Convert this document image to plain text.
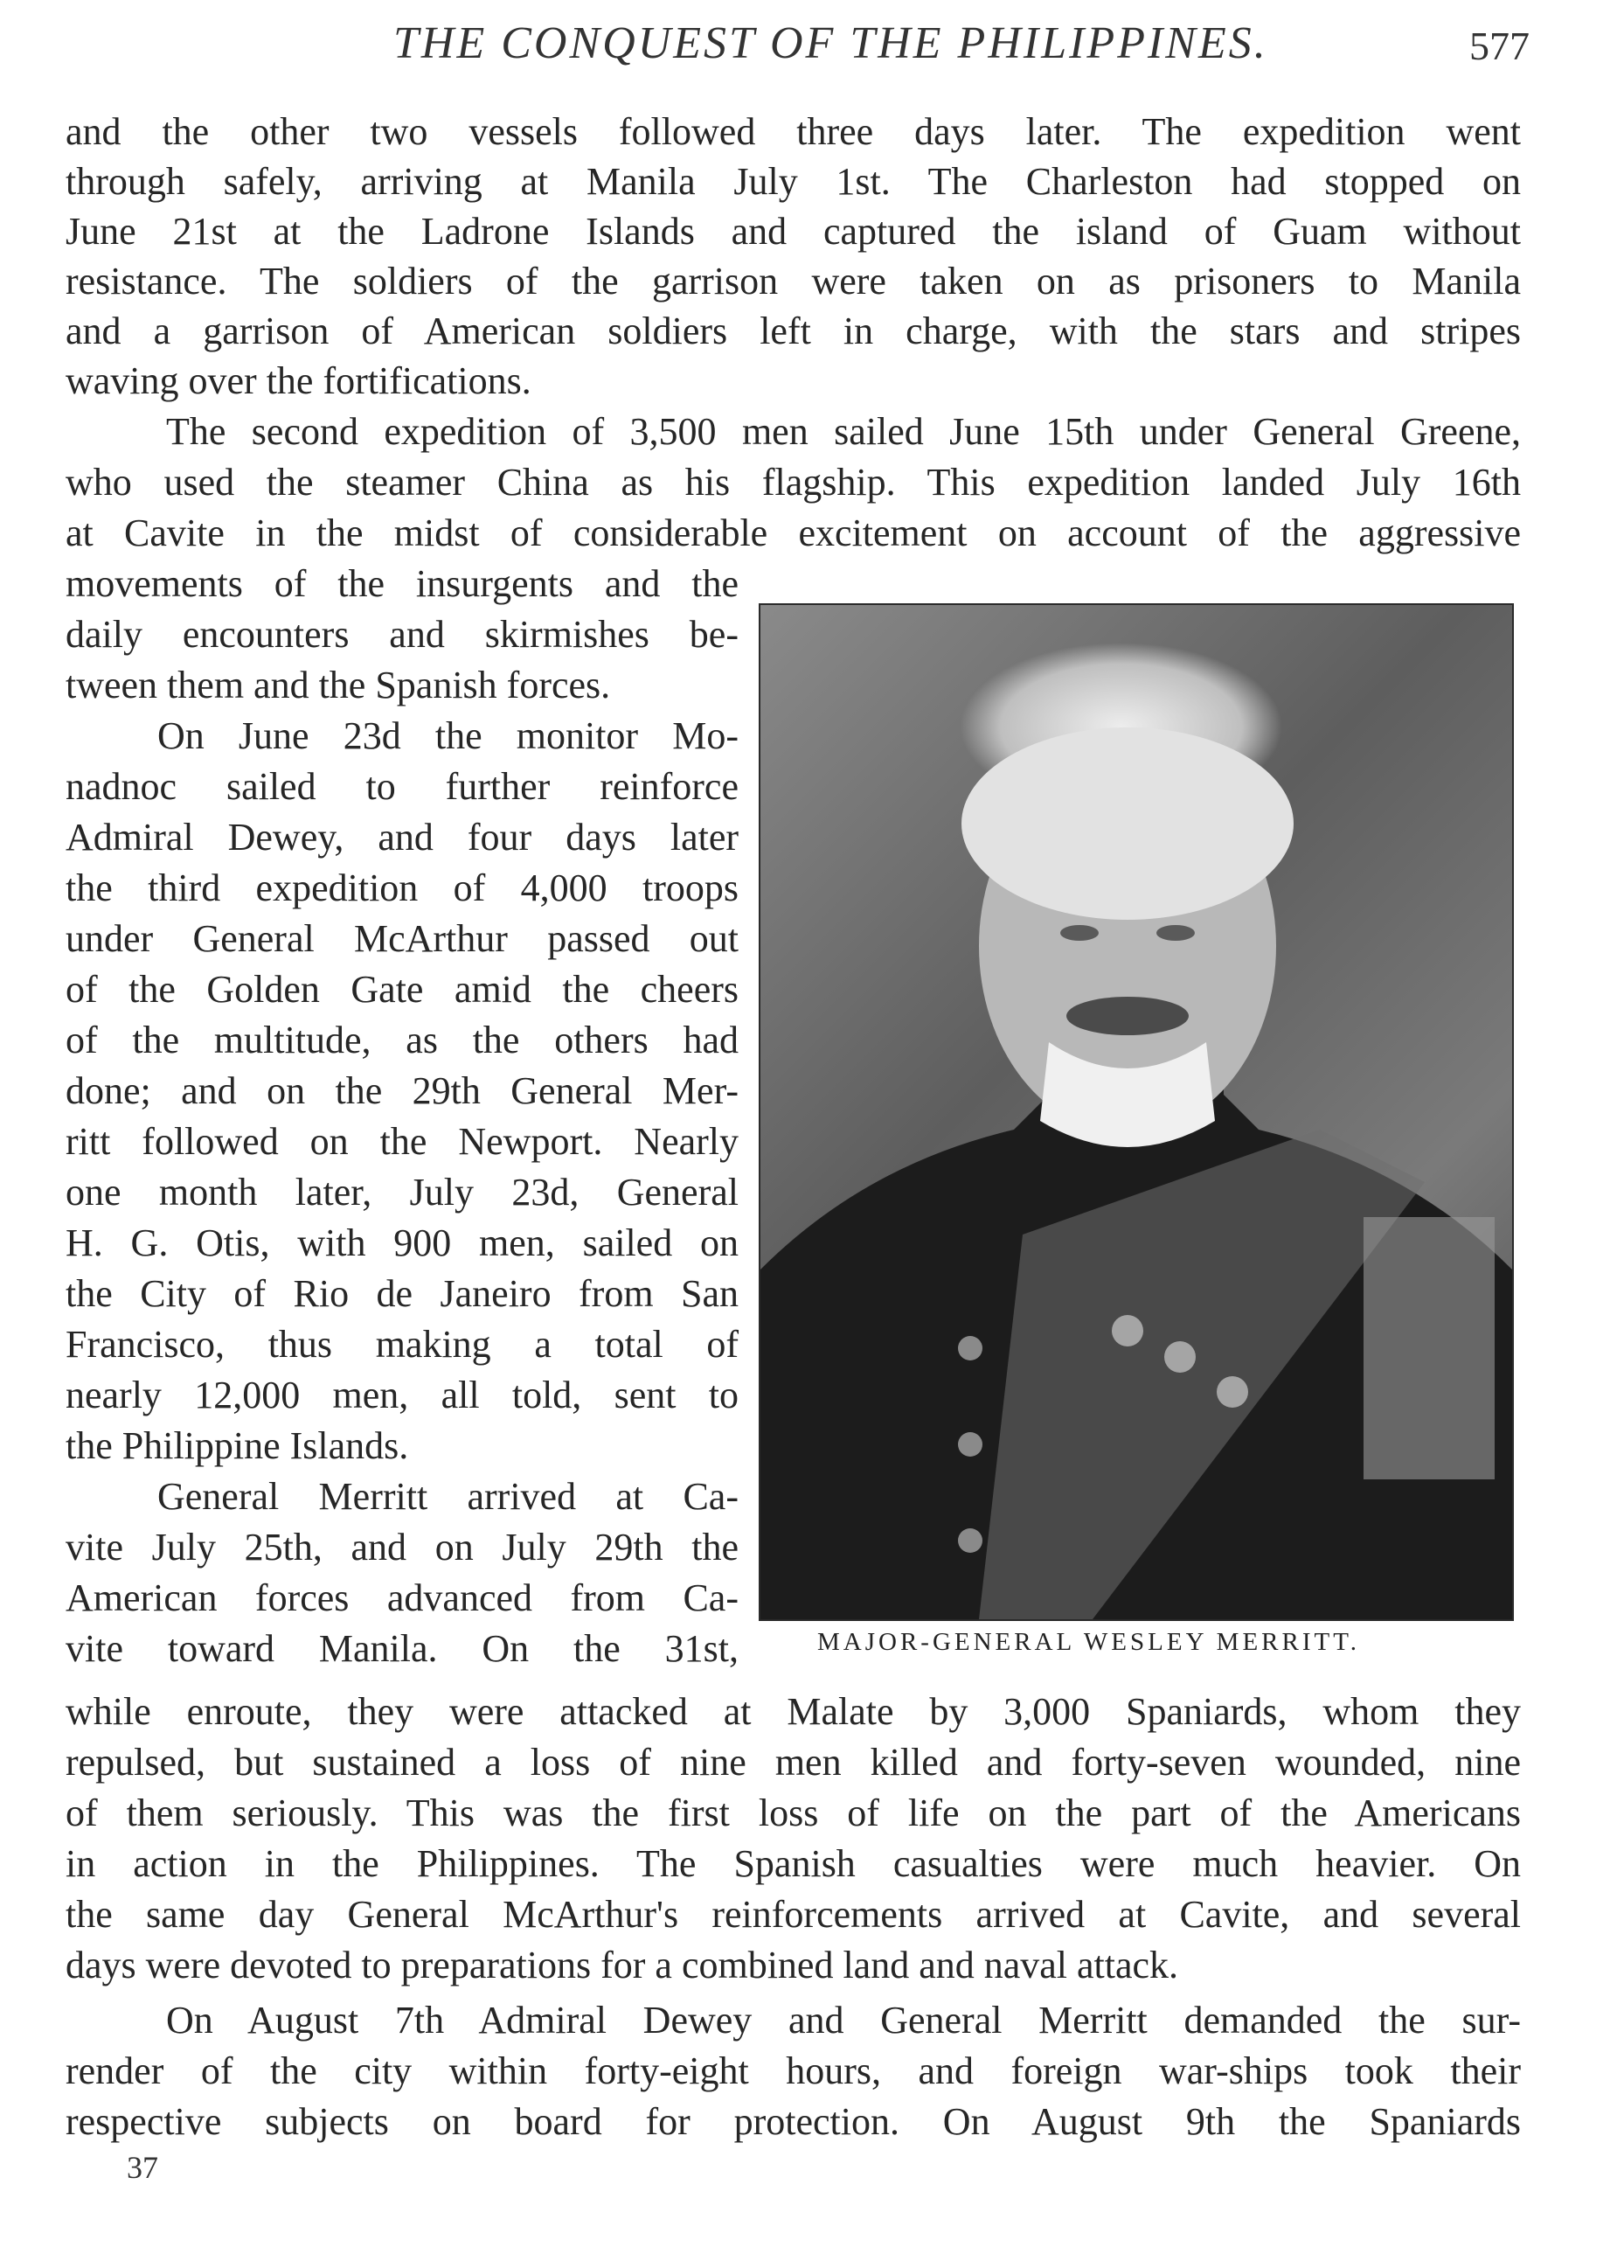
THE CONQUEST OF THE PHILIPPINES.	577
and the other two vessels followed three days later. The expedition went
through safely, arriving at Manila July 1st. The Charleston had stopped on
June 21st at the Ladrone Islands and captured the island of Guam without
resistance. The soldiers of the garrison were taken on as prisoners to Manila
and a garrison of American soldiers left in charge, with the stars and stripes
waving over the fortifications.
The second expedition of 3,500 men sailed June 15th under General Greene,
who used the steamer China as his flagship. This expedition landed July 16th
at Cavite in the midst of considerable excitement on account of the aggressive
movements of the insurgents and the
daily encounters and skirmishes be-
tween them and the Spanish forces.
On June 23d the monitor Mo-
nadnoc sailed to further reinforce
Admiral Dewey, and four days later
the third expedition of 4,000 troops
under General McArthur passed out
of the Golden Gate amid the cheers
of the multitude, as the others had
done; and on the 29th General Mer-
ritt followed on the Newport. Nearly
one month later, July 23d, General
H. G. Otis, with 900 men, sailed on
the City of Rio de Janeiro from San
Francisco, thus making a total of
nearly 12,000 men, all told, sent to
the Philippine Islands.
General Merritt arrived at Ca-
vite July 25th, and on July 29th the
American forces advanced from Ca-
vite toward Manila. On the 31st,
while enroute, they were attacked at Malate by 3,000 Spaniards, whom they
repulsed, but sustained a loss of nine men killed and forty-seven wounded, nine
of them seriously. This was the first loss of life on the part of the Americans
in action in the Philippines. The Spanish casualties were much heavier. On
the same day General McArthur's reinforcements arrived at Cavite, and several
days were devoted to preparations for a combined land and naval attack.
On August 7th Admiral Dewey and General Merritt demanded the sur-
render of the city within forty-eight hours, and foreign war-ships took their
respective subjects on board for protection. On August 9th the Spaniards
MAJOR-GENERAL WESLEY MERRITT.
37
